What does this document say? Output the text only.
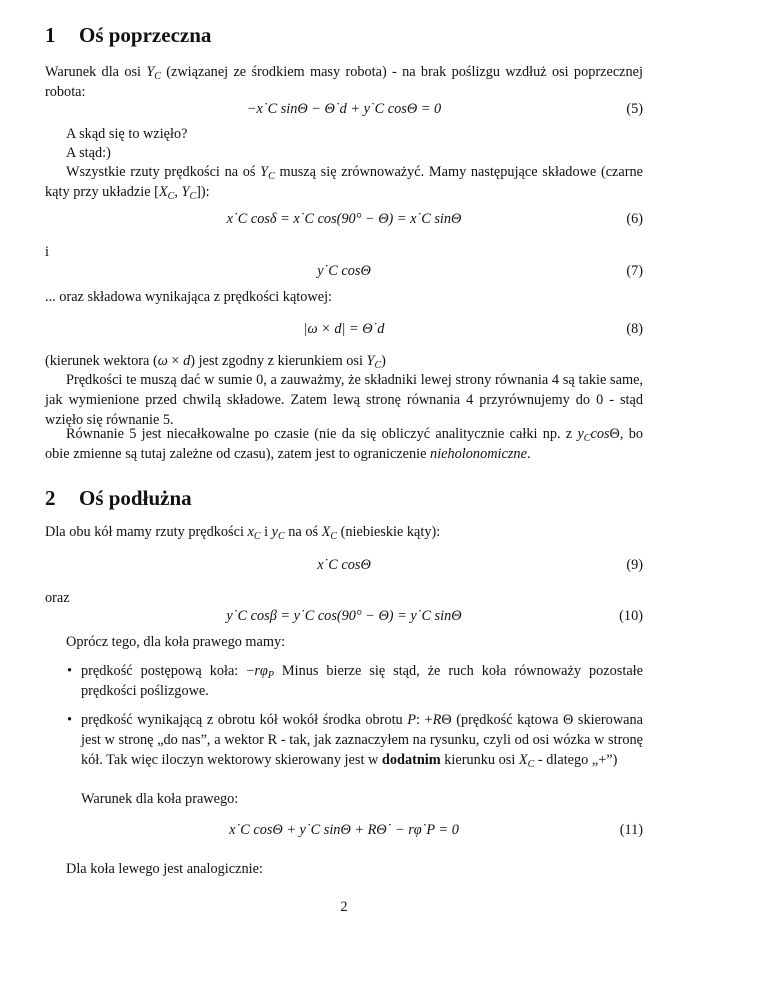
1 Oś poprzeczna
Warunek dla osi $Y_C$ (związanej ze środkiem masy robota) - na brak poślizgu wzdłuż osi poprzecznej robota:
−x˙C sinΘ − Θ˙d + y˙C cosΘ = 0	(5)
A skąd się to wzięło?
A stąd:)
Wszystkie rzuty prędkości na oś $Y_C$ muszą się zrównoważyć. Mamy następujące składowe (czarne kąty przy układzie [$X_C$, $Y_C$]):
x˙C cosδ = x˙C cos(90° − Θ) = x˙C sinΘ	(6)
i
y˙C cosΘ	(7)
... oraz składowa wynikająca z prędkości kątowej:
|ω × d| = Θ˙d	(8)
(kierunek wektora (ω × d) jest zgodny z kierunkiem osi $Y_C$)
Prędkości te muszą dać w sumie 0, a zauważmy, że składniki lewej strony równania 4 są takie same, jak wymienione przed chwilą składowe. Zatem lewą stronę równania 4 przyrównujemy do 0 - stąd wzięło się równanie 5.
Równanie 5 jest niecałkowalne po czasie (nie da się obliczyć analitycznie całki np. z $y_C\cos\Theta$, bo obie zmienne są tutaj zależne od czasu), zatem jest to ograniczenie nieholonomiczne.
2 Oś podłużna
Dla obu kół mamy rzuty prędkości $x_C$ i $y_C$ na oś $X_C$ (niebieskie kąty):
x˙C cosΘ	(9)
oraz
y˙C cosβ = y˙C cos(90° − Θ) = y˙C sinΘ	(10)
Oprócz tego, dla koła prawego mamy:
• prędkość postępową koła: $-r\varphi_P$ Minus bierze się stąd, że ruch koła równoważy pozostałe prędkości poślizgowe.
• prędkość wynikającą z obrotu kół wokół środka obrotu P: +RΘ (prędkość kątowa Θ skierowana jest w stronę „do nas”, a wektor R - tak, jak zaznaczyłem na rysunku, czyli od osi wózka w stronę kół. Tak więc iloczyn wektorowy skierowany jest w dodatnim kierunku osi $X_C$ - dlatego „+”)
Warunek dla koła prawego:
x˙C cosΘ + y˙C sinΘ + RΘ˙ − rφ˙P = 0	(11)
Dla koła lewego jest analogicznie:
2
